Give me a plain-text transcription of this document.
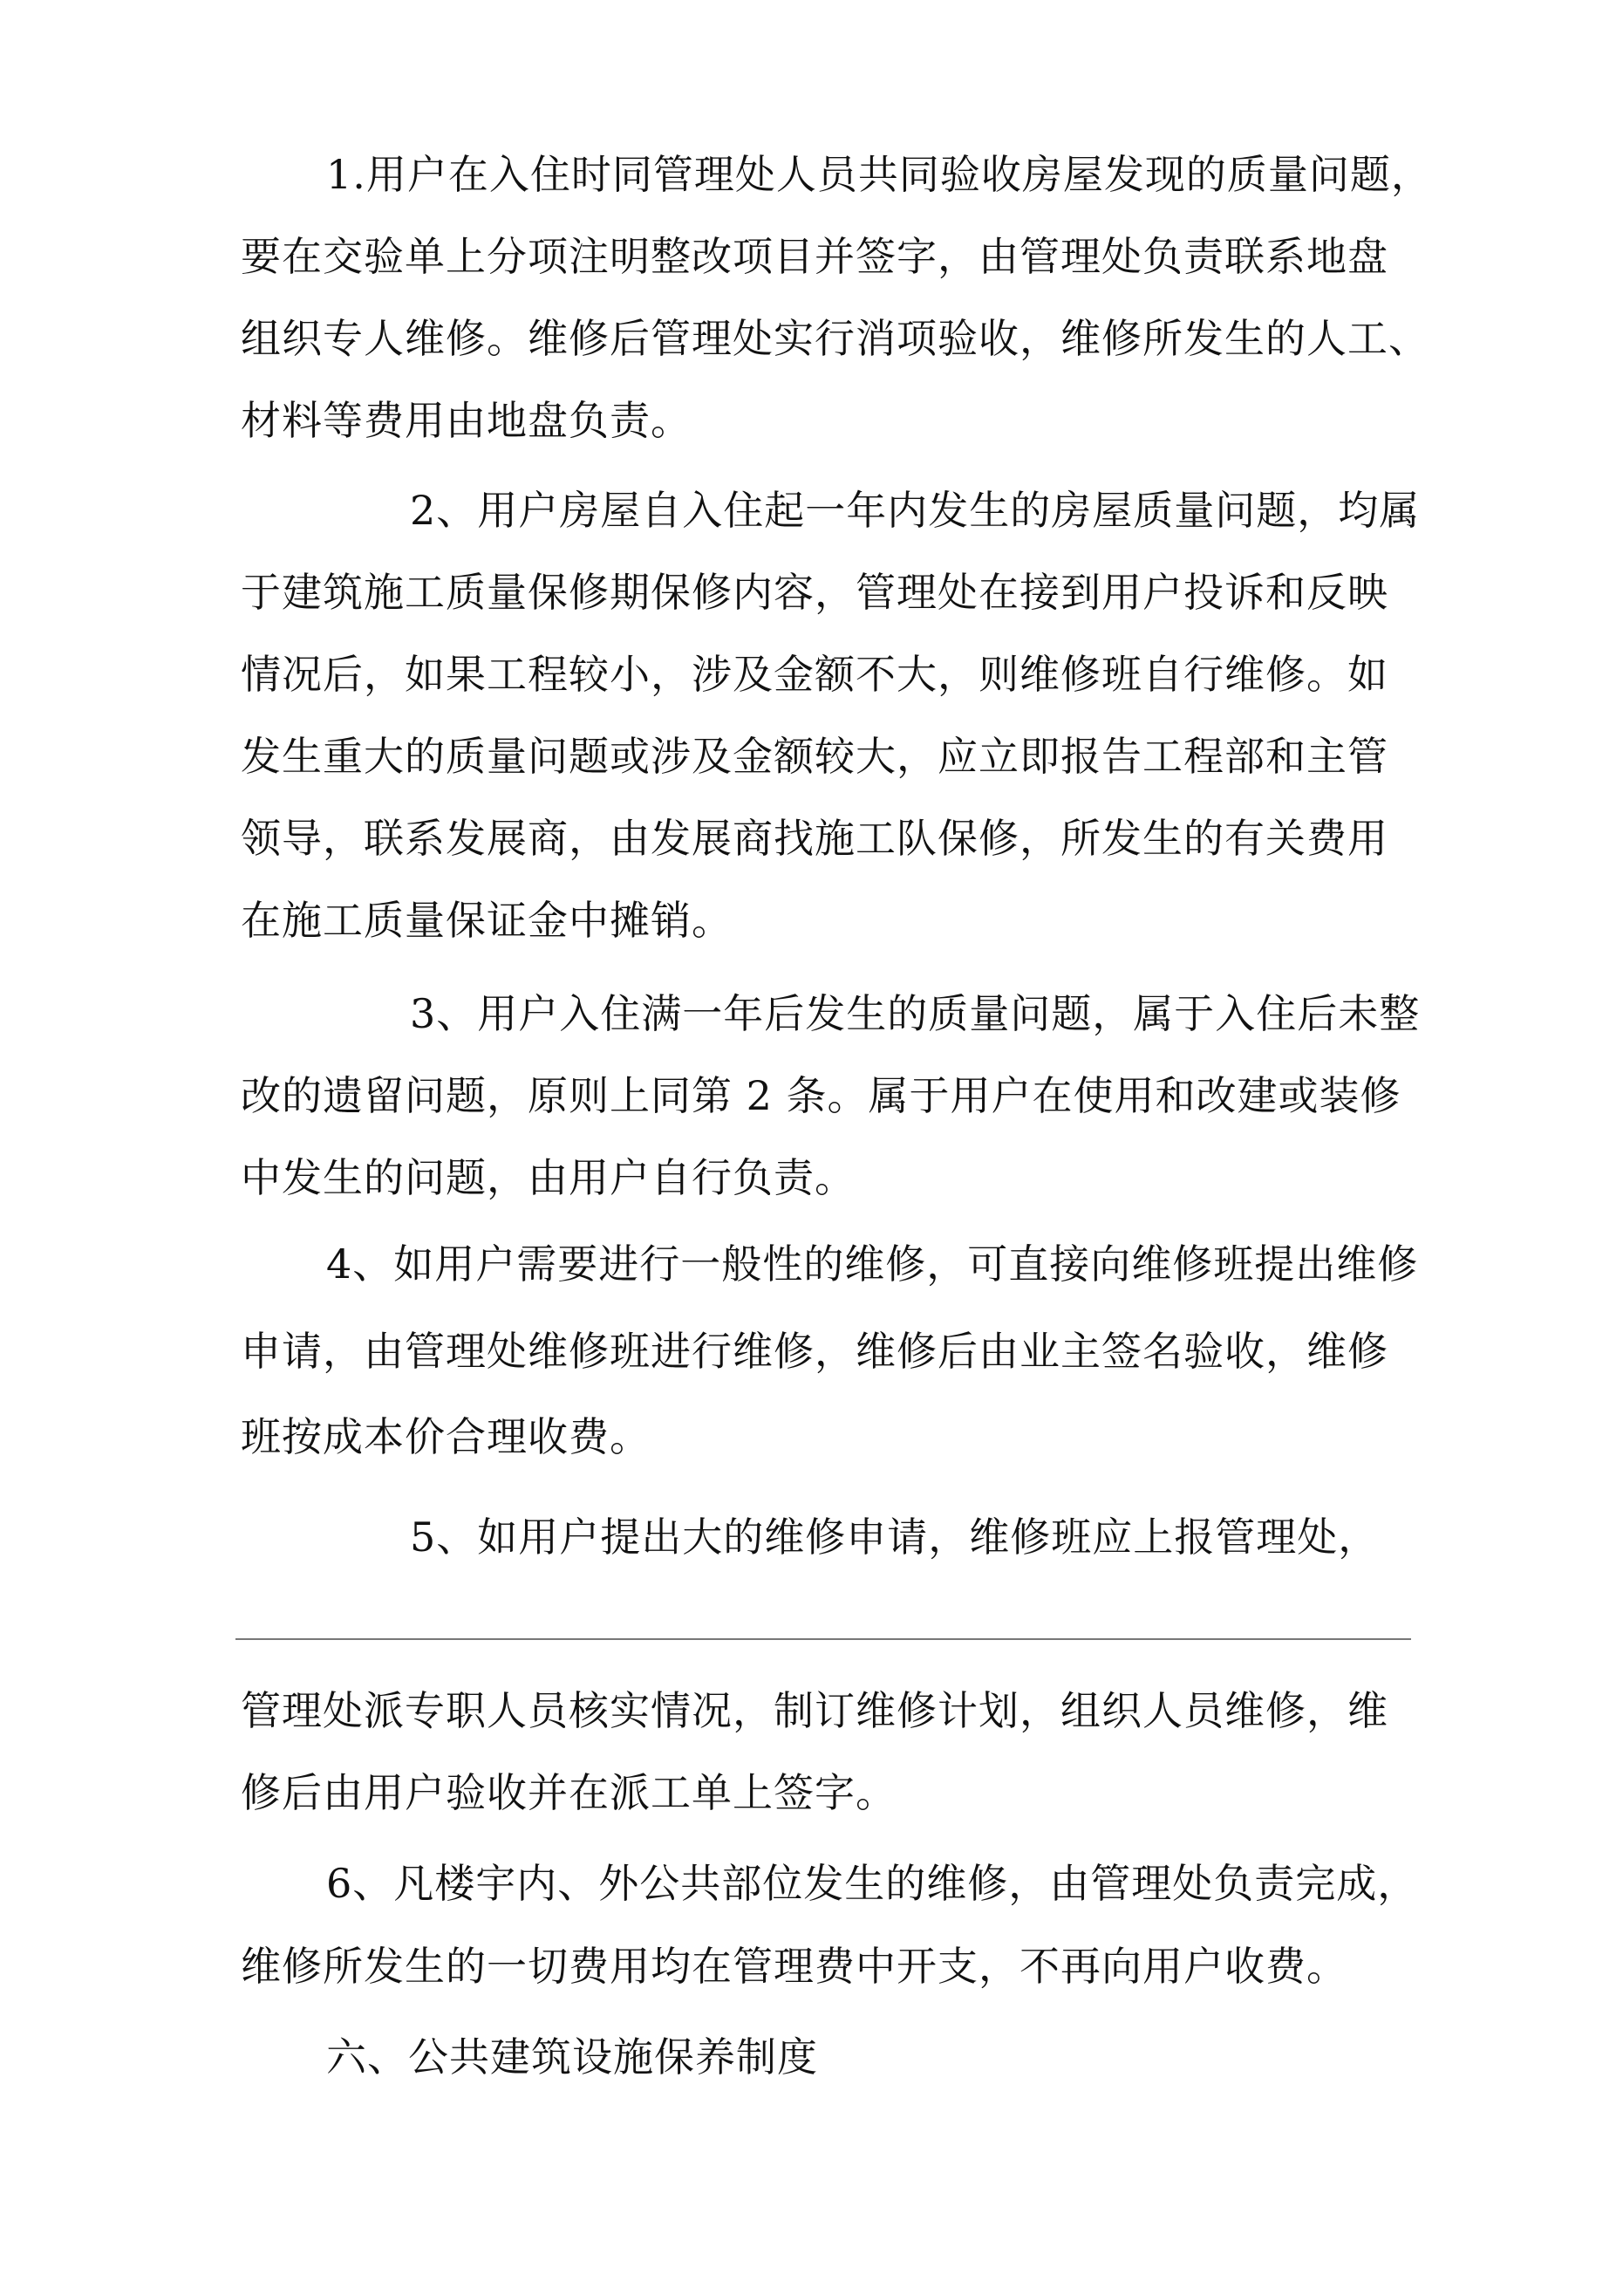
1.用户在入住时同管理处人员共同验收房屋发现的质量问题，
要在交验单上分项注明整改项目并签字，由管理处负责联系地盘
组织专人维修。维修后管理处实行消项验收，维修所发生的人工、
材料等费用由地盘负责。
2、用户房屋自入住起一年内发生的房屋质量问题，均属
于建筑施工质量保修期保修内容，管理处在接到用户投诉和反映
情况后，如果工程较小，涉及金额不大，则维修班自行维修。如
发生重大的质量问题或涉及金额较大，应立即报告工程部和主管
领导，联系发展商，由发展商找施工队保修，所发生的有关费用
在施工质量保证金中摊销。
3、用户入住满一年后发生的质量问题，属于入住后未整
改的遗留问题，原则上同第 2 条。属于用户在使用和改建或装修
中发生的问题，由用户自行负责。
4、如用户需要进行一般性的维修，可直接向维修班提出维修
申请，由管理处维修班进行维修，维修后由业主签名验收，维修
班按成本价合理收费。
5、如用户提出大的维修申请，维修班应上报管理处，
管理处派专职人员核实情况，制订维修计划，组织人员维修，维
修后由用户验收并在派工单上签字。
6、凡楼宇内、外公共部位发生的维修，由管理处负责完成，
维修所发生的一切费用均在管理费中开支，不再向用户收费。
六、公共建筑设施保养制度
